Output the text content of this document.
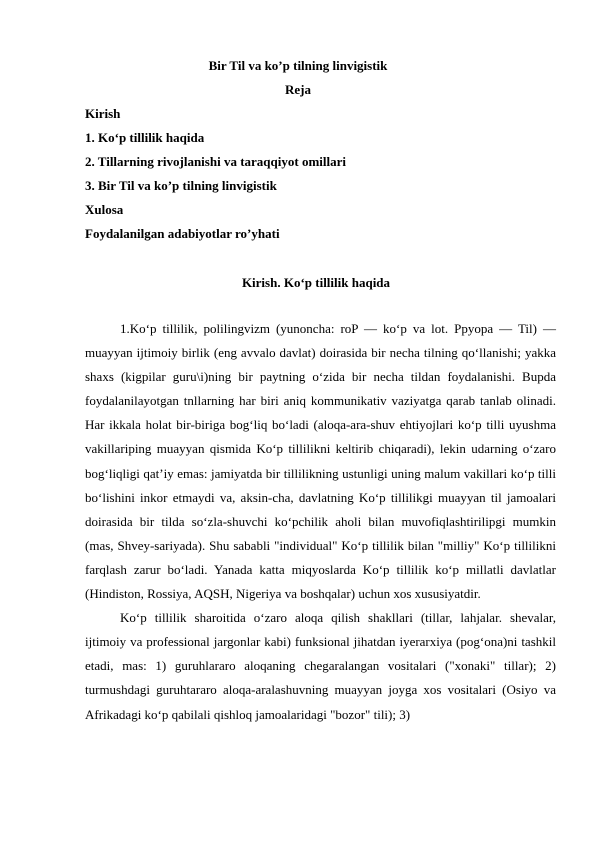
Bir Til va ko’p tilning linvigistik
Reja
Kirish
1. Ko‘p tillilik haqida
2. Tillarning rivojlanishi va taraqqiyot omillari
3. Bir Til va ko’p tilning linvigistik
Xulosa
Foydalanilgan adabiyotlar ro’yhati
Kirish. Ko‘p tillilik haqida

1.Ko‘p tillilik, polilingvizm (yunoncha: roP — ko‘p va lot. Ppyopa — Til) — muayyan ijtimoiy birlik (eng avvalo davlat) doirasida bir necha tilning qo‘llanishi; yakka shaxs (kigpilar guru\i)ning bir paytning o‘zida bir necha tildan foydalanishi. Bupda foydalanilayotgan tnllarning har biri aniq kommunikativ vaziyatga qarab tanlab olinadi. Har ikkala holat bir-biriga bog‘liq bo‘ladi (aloqa-ara-shuv ehtiyojlari ko‘p tilli uyushma vakillariping muayyan qismida Ko‘p tillilikni keltirib chiqaradi), lekin udarning o‘zaro bog‘liqligi qat’iy emas: jamiyatda bir tillilikning ustunligi uning malum vakillari ko‘p tilli bo‘lishini inkor etmaydi va, aksin-cha, davlatning Ko‘p tillilikgi muayyan til jamoalari doirasida bir tilda so‘zla-shuvchi ko‘pchilik aholi bilan muvofiqlashtirilipgi mumkin (mas, Shvey-sariyada). Shu sababli "individual" Ko‘p tillilik bilan "milliy" Ko‘p tillilikni farqlash zarur bo‘ladi. Yanada katta miqyoslarda Ko‘p tillilik ko‘p millatli davlatlar (Hindiston, Rossiya, AQSH, Nigeriya va boshqalar) uchun xos xususiyatdir.

Ko‘p tillilik sharoitida o‘zaro aloqa qilish shakllari (tillar, lahjalar. shevalar, ijtimoiy va professional jargonlar kabi) funksional jihatdan iyerarxiya (pog‘ona)ni tashkil etadi, mas: 1) guruhlararo aloqaning chegaralangan vositalari ("xonaki" tillar); 2) turmushdagi guruhtararo aloqa-aralashuvning muayyan joyga xos vositalari (Osiyo va Afrikadagi ko‘p qabilali qishloq jamoalaridagi "bozor" tili); 3)
